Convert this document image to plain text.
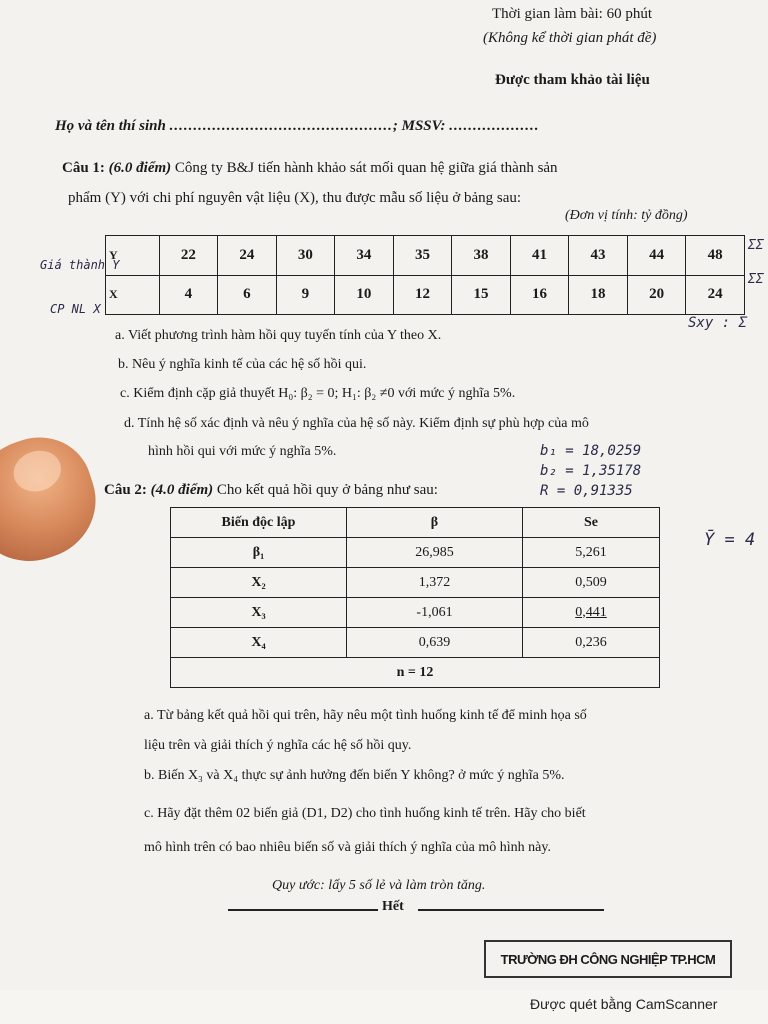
Thời gian làm bài: 60 phút
(Không kể thời gian phát đề)
Được tham khảo tài liệu
Họ và tên thí sinh ...............................................; MSSV: ...................
Câu 1: (6.0 điểm) Công ty B&J tiến hành khảo sát mối quan hệ giữa giá thành sản
phẩm (Y) với chi phí nguyên vật liệu (X), thu được mẫu số liệu ở bảng sau:
(Đơn vị tính: tỷ đồng)
Y	22	24	30	34	35	38	41	43	44	48
X	4	6	9	10	12	15	16	18	20	24
Giá thành Y
CP NL X
ΣΣ
ΣΣ
Sxy : Σ
a. Viết phương trình hàm hồi quy tuyến tính của Y theo X.
b. Nêu ý nghĩa kinh tế của các hệ số hồi qui.
c. Kiểm định cặp giả thuyết H₀: β₂ = 0; H₁: β₂ ≠0 với mức ý nghĩa 5%.
d. Tính hệ số xác định và nêu ý nghĩa của hệ số này. Kiểm định sự phù hợp của mô
hình hồi qui với mức ý nghĩa 5%.	b₁ = 18,0259
b₂ = 1,35178
R = 0,91335
Ȳ = 4
Câu 2: (4.0 điểm) Cho kết quả hồi quy ở bảng như sau:
Biến độc lập	β	Se
β₁	26,985	5,261
X₂	1,372	0,509
X₃	-1,061	0,441
X₄	0,639	0,236
n = 12		
a. Từ bảng kết quả hồi qui trên, hãy nêu một tình huống kinh tế để minh họa số
liệu trên và giải thích ý nghĩa các hệ số hồi quy.
b. Biến X₃ và X₄ thực sự ảnh hưởng đến biến Y không? ở mức ý nghĩa 5%.
c. Hãy đặt thêm 02 biến giả (D1, D2) cho tình huống kinh tế trên. Hãy cho biết
mô hình trên có bao nhiêu biến số và giải thích ý nghĩa của mô hình này.
Quy ước: lấy 5 số lẻ và làm tròn tăng.
Hết
TRƯỜNG ĐH CÔNG NGHIỆP TP.HCM
Được quét bằng CamScanner
